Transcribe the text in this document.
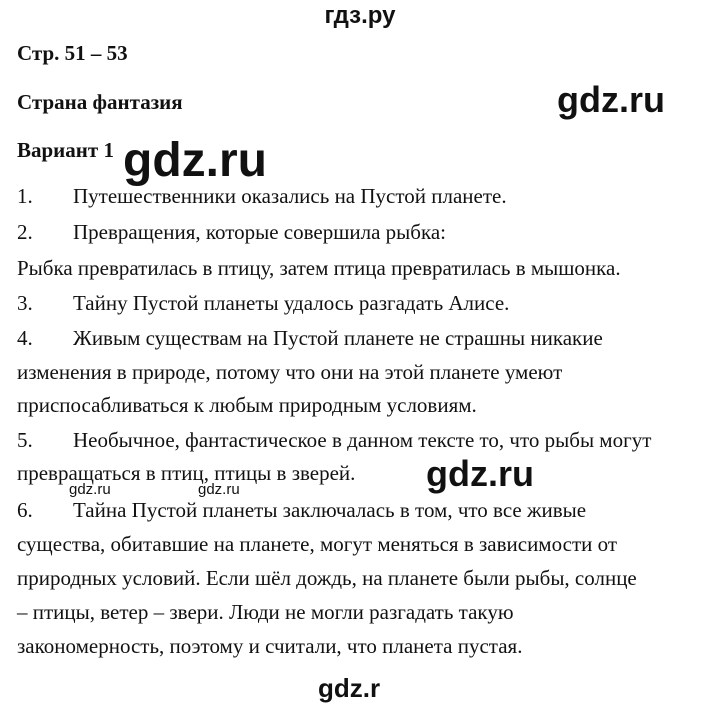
гдз.ру
Стр. 51 – 53
Страна фантазия
Вариант 1
gdz.ru
gdz.ru
1. Путешественники оказались на Пустой планете.
2. Превращения, которые совершила рыбка:
Рыбка превратилась в птицу, затем птица превратилась в мышонка.
3. Тайну Пустой планеты удалось разгадать Алисе.
4. Живым существам на Пустой планете не страшны никакие
изменения в природе, потому что они на этой планете умеют
приспосабливаться к любым природным условиям.
5. Необычное, фантастическое в данном тексте то, что рыбы могут
превращаться в птиц, птицы в зверей. gdz.ru
gdz.ru	gdz.ru
6. Тайна Пустой планеты заключалась в том, что все живые
существа, обитавшие на планете, могут меняться в зависимости от
природных условий. Если шёл дождь, на планете были рыбы, солнце
– птицы, ветер – звери. Люди не могли разгадать такую
закономерность, поэтому и считали, что планета пустая.
gdz.r
